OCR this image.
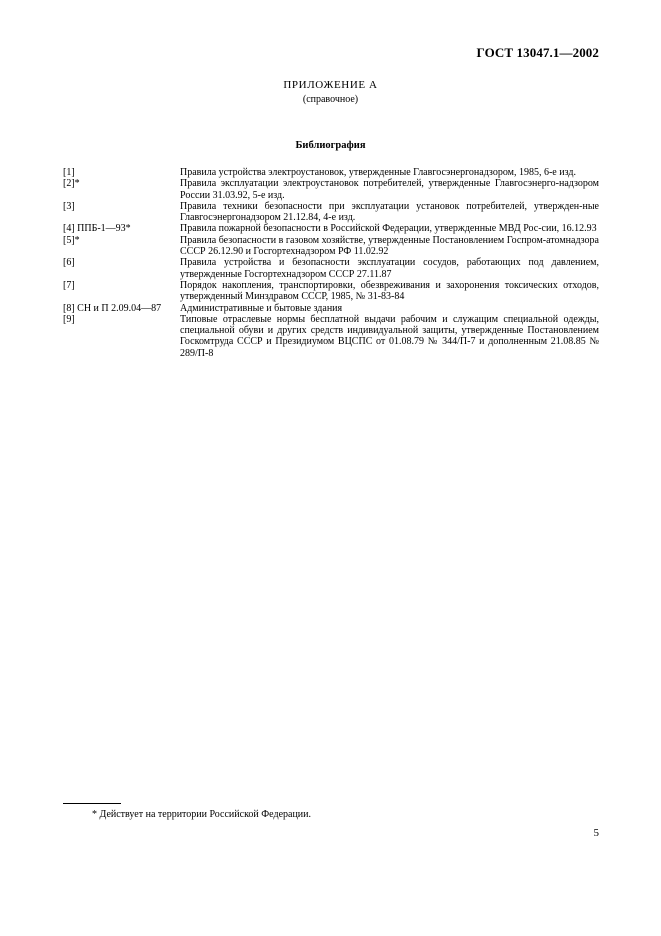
ГОСТ 13047.1—2002
ПРИЛОЖЕНИЕ А
(справочное)
Библиография
[1]	Правила устройства электроустановок, утвержденные Главгосэнергонадзором, 1985, 6-е изд.
[2]*	Правила эксплуатации электроустановок потребителей, утвержденные Главгосэнерго-надзором России 31.03.92, 5-е изд.
[3]	Правила техники безопасности при эксплуатации установок потребителей, утвержден-ные Главгосэнергонадзором 21.12.84, 4-е изд.
[4] ППБ-1—93*	Правила пожарной безопасности в Российской Федерации, утвержденные МВД Рос-сии, 16.12.93
[5]*	Правила безопасности в газовом хозяйстве, утвержденные Постановлением Госпром-атомнадзора СССР 26.12.90 и Госгортехнадзором РФ 11.02.92
[6]	Правила устройства и безопасности эксплуатации сосудов, работающих под давлением, утвержденные Госгортехнадзором СССР 27.11.87
[7]	Порядок накопления, транспортировки, обезвреживания и захоронения токсических отходов, утвержденный Минздравом СССР, 1985, № 31-83-84
[8] СН и П 2.09.04—87	Административные и бытовые здания
[9]	Типовые отраслевые нормы бесплатной выдачи рабочим и служащим специальной одежды, специальной обуви и других средств индивидуальной защиты, утвержденные Постановлением Госкомтруда СССР и Президиумом ВЦСПС от 01.08.79 № 344/П-7 и дополненным 21.08.85 № 289/П-8
* Действует на территории Российской Федерации.
5
